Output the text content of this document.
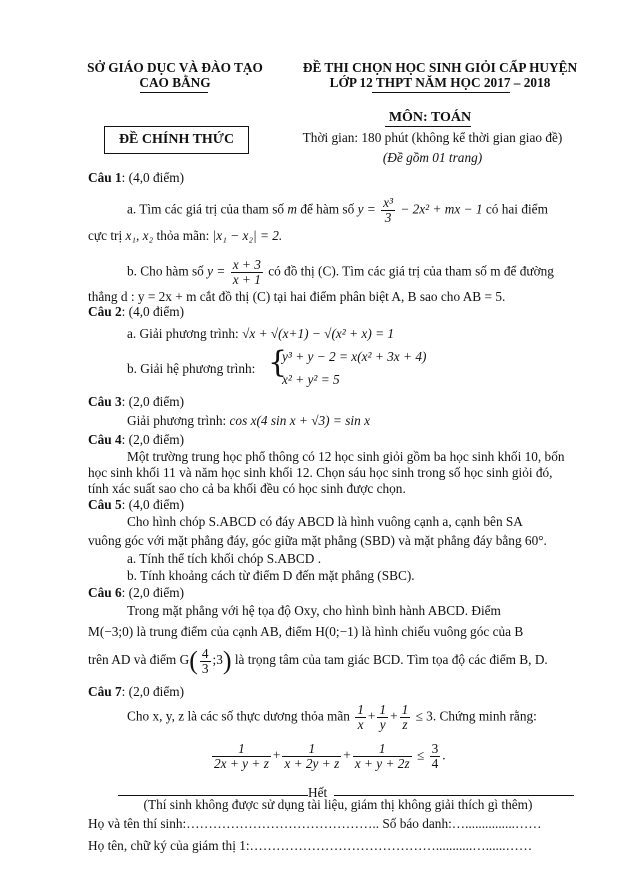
SỞ GIÁO DỤC VÀ ĐÀO TẠO
CAO BẰNG
ĐỀ THI CHỌN HỌC SINH GIỎI CẤP HUYỆN
LỚP 12 THPT NĂM HỌC 2017 – 2018
ĐỀ CHÍNH THỨC
MÔN: TOÁN
Thời gian: 180 phút (không kể thời gian giao đề)
(Đề gồm 01 trang)
Câu 1: (4,0 điểm)
a. Tìm các giá trị của tham số m để hàm số $y = \frac{\text{x³}}{3} - 2x^2$ + mx − 1 có hai điểm
cực trị x₁, x₂ thỏa mãn: |x₁ − x₂| = 2.
b. Cho hàm số $y = \frac{x + 3}{x + 1}$ có đồ thị (C). Tìm các giá trị của tham số m để đường
thẳng d : y = 2x + m cắt đồ thị (C) tại hai điểm phân biệt A, B sao cho AB = 5.
Câu 2: (4,0 điểm)
a. Giải phương trình: √x + √(x+1) − √(x² + x) = 1
b. Giải hệ phương trình: {
y³ + y − 2 = x(x² + 3x + 4)
x² + y² = 5
Câu 3: (2,0 điểm)
Giải phương trình: cos x(4 sin x + √3) = sin x
Câu 4: (2,0 điểm)
Một trường trung học phổ thông có 12 học sinh giỏi gồm ba học sinh khối 10, bốn
học sinh khối 11 và năm học sinh khối 12. Chọn sáu học sinh trong số học sinh giỏi đó,
tính xác suất sao cho cả ba khối đều có học sinh được chọn.
Câu 5: (4,0 điểm)
Cho hình chóp S.ABCD có đáy ABCD là hình vuông cạnh a, cạnh bên SA
vuông góc với mặt phẳng đáy, góc giữa mặt phẳng (SBD) và mặt phẳng đáy bằng 60°.
a. Tính thể tích khối chóp S.ABCD .
b. Tính khoảng cách từ điểm D đến mặt phẳng (SBC).
Câu 6: (2,0 điểm)
Trong mặt phẳng với hệ tọa độ Oxy, cho hình bình hành ABCD. Điểm
M(−3;0) là trung điểm của cạnh AB, điểm H(0;−1) là hình chiếu vuông góc của B
trên AD và điểm $G( \frac{4}{3}$ ;3) là trọng tâm của tam giác BCD. Tìm tọa độ các điểm B, D.
Câu 7: (2,0 điểm)
Cho x, y, z là các số thực dương thỏa mãn $\frac{1}{x} + \frac{1}{y} + \frac{1}{z} \le 3$. Chứng minh rằng:
$\frac{1}{2x + y + z} + \frac{1}{x + 2y + z} + \frac{1}{x + y + 2z} \le \frac{3}{4}$ .
Hết
(Thí sinh không được sử dụng tài liệu, giám thị không giải thích gì thêm)
Họ và tên thí sinh:…………………………………….. Số báo danh:…...............……
Họ tên, chữ ký của giám thị 1:……………………………………...........…......……
